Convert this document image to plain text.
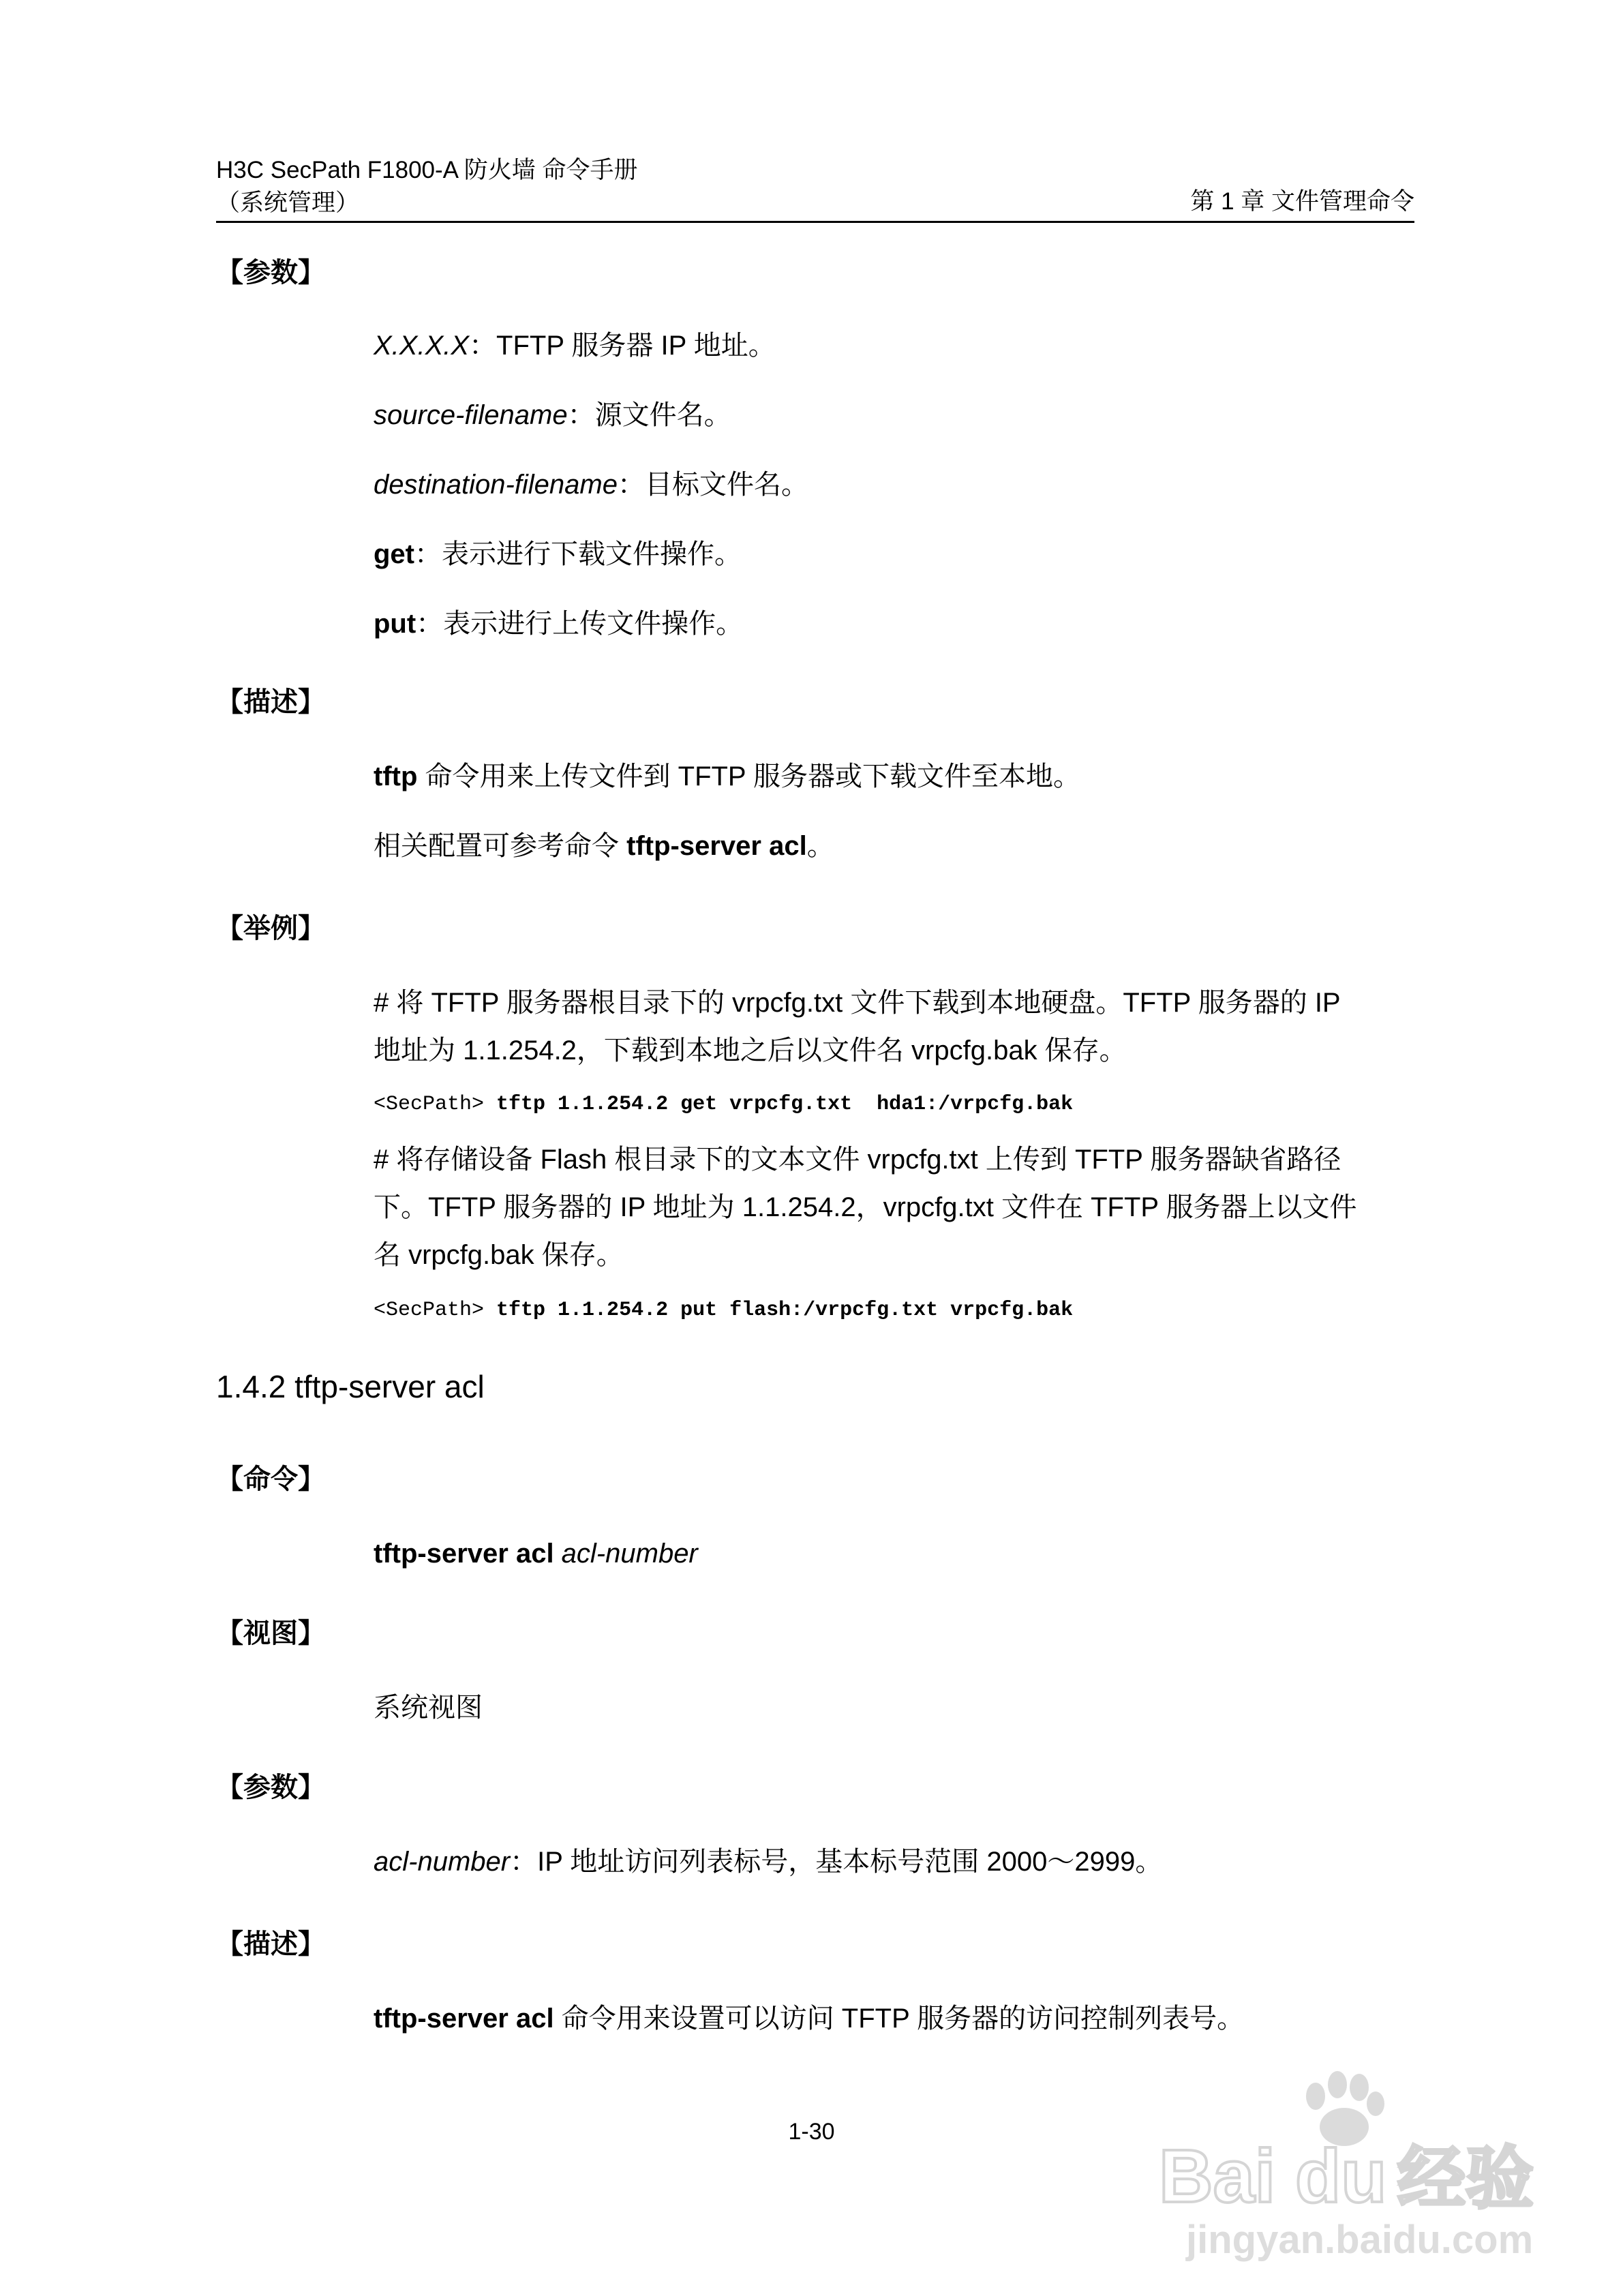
H3C SecPath F1800-A 防火墙 命令手册
（系统管理）	第 1 章 文件管理命令
【参数】
X.X.X.X：TFTP 服务器 IP 地址。
source-filename：源文件名。
destination-filename：目标文件名。
get：表示进行下载文件操作。
put：表示进行上传文件操作。
【描述】
tftp 命令用来上传文件到 TFTP 服务器或下载文件至本地。
相关配置可参考命令 tftp-server acl。
【举例】
# 将 TFTP 服务器根目录下的 vrpcfg.txt 文件下载到本地硬盘。TFTP 服务器的 IP
地址为 1.1.254.2，下载到本地之后以文件名 vrpcfg.bak 保存。
<SecPath> tftp 1.1.254.2 get vrpcfg.txt  hda1:/vrpcfg.bak
# 将存储设备 Flash 根目录下的文本文件 vrpcfg.txt 上传到 TFTP 服务器缺省路径
下。TFTP 服务器的 IP 地址为 1.1.254.2，vrpcfg.txt 文件在 TFTP 服务器上以文件
名 vrpcfg.bak 保存。
<SecPath> tftp 1.1.254.2 put flash:/vrpcfg.txt vrpcfg.bak
1.4.2 tftp-server acl
【命令】
tftp-server acl acl-number
【视图】
系统视图
【参数】
acl-number：IP 地址访问列表标号，基本标号范围 2000～2999。
【描述】
tftp-server acl 命令用来设置可以访问 TFTP 服务器的访问控制列表号。
1-30
Bai du 经验
jingyan.baidu.com
